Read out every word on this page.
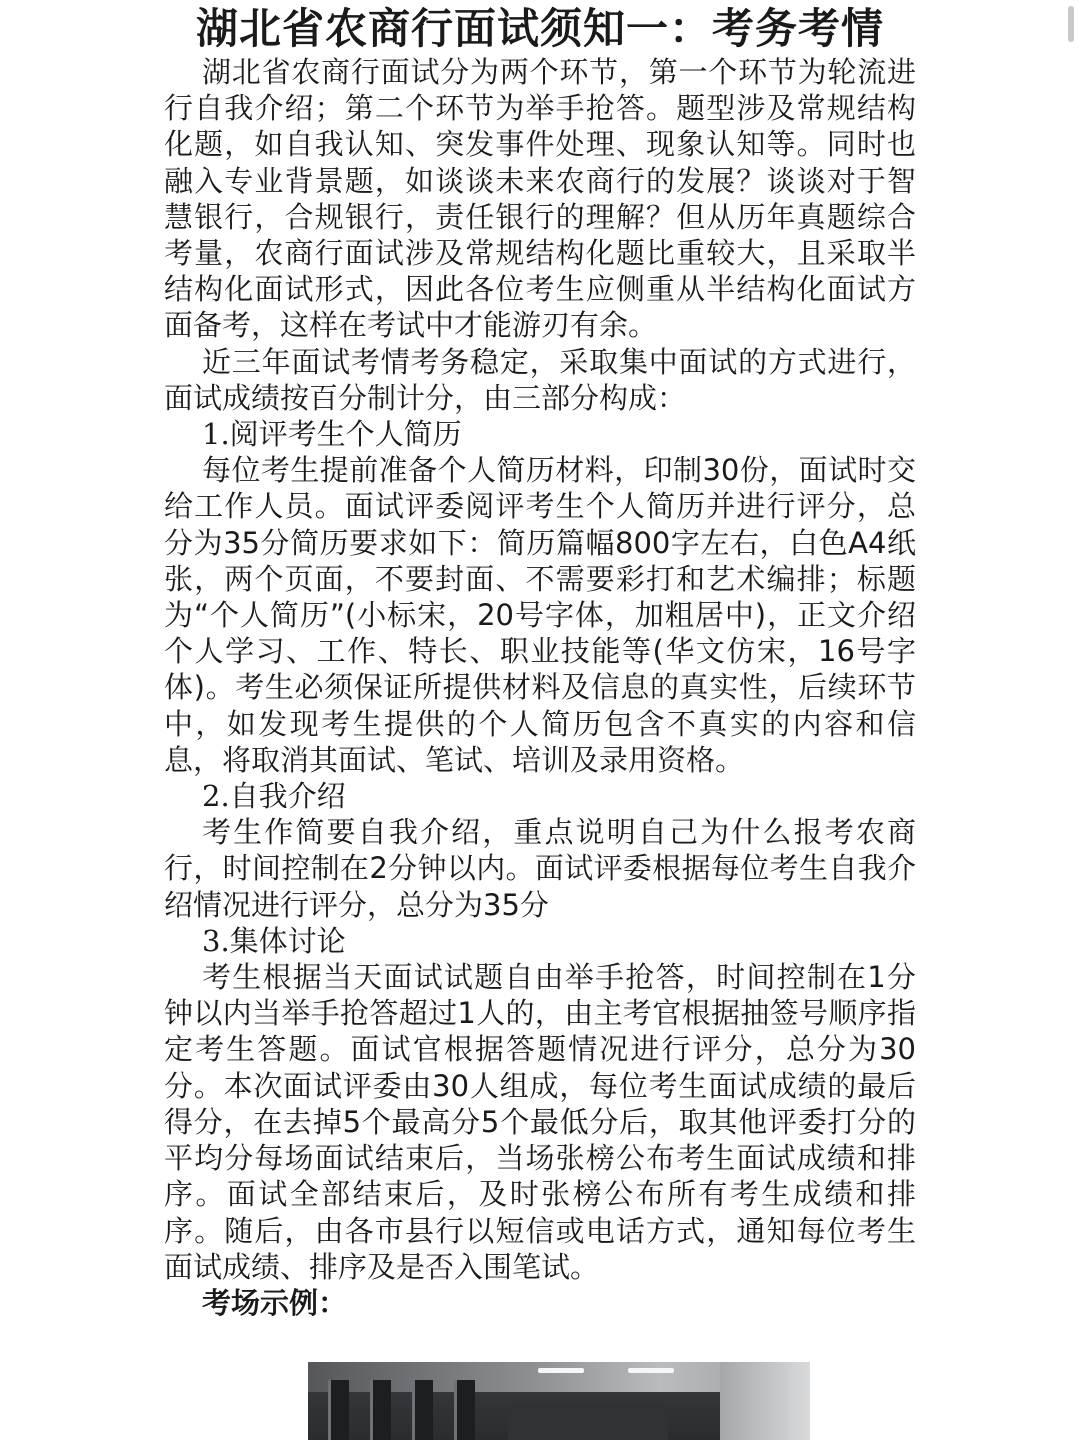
湖北省农商行面试须知一：考务考情

湖北省农商行面试分为两个环节，第一个环节为轮流进行自我介绍；第二个环节为举手抢答。题型涉及常规结构化题，如自我认知、突发事件处理、现象认知等。同时也融入专业背景题，如谈谈未来农商行的发展？谈谈对于智慧银行，合规银行，责任银行的理解？但从历年真题综合考量，农商行面试涉及常规结构化题比重较大，且采取半结构化面试形式，因此各位考生应侧重从半结构化面试方面备考，这样在考试中才能游刃有余。

近三年面试考情考务稳定，采取集中面试的方式进行，面试成绩按百分制计分，由三部分构成：

1.阅评考生个人简历

每位考生提前准备个人简历材料，印制30份，面试时交给工作人员。面试评委阅评考生个人简历并进行评分，总分为35分简历要求如下：简历篇幅800字左右，白色A4纸张，两个页面，不要封面、不需要彩打和艺术编排；标题为“个人简历”(小标宋，20号字体，加粗居中)，正文介绍个人学习、工作、特长、职业技能等(华文仿宋，16号字体)。考生必须保证所提供材料及信息的真实性，后续环节中，如发现考生提供的个人简历包含不真实的内容和信息，将取消其面试、笔试、培训及录用资格。

2.自我介绍

考生作简要自我介绍，重点说明自己为什么报考农商行，时间控制在2分钟以内。面试评委根据每位考生自我介绍情况进行评分，总分为35分

3.集体讨论

考生根据当天面试试题自由举手抢答，时间控制在1分钟以内当举手抢答超过1人的，由主考官根据抽签号顺序指定考生答题。面试官根据答题情况进行评分，总分为30分。本次面试评委由30人组成，每位考生面试成绩的最后得分，在去掉5个最高分5个最低分后，取其他评委打分的平均分每场面试结束后，当场张榜公布考生面试成绩和排序。面试全部结束后，及时张榜公布所有考生成绩和排序。随后，由各市县行以短信或电话方式，通知每位考生面试成绩、排序及是否入围笔试。

考场示例：
